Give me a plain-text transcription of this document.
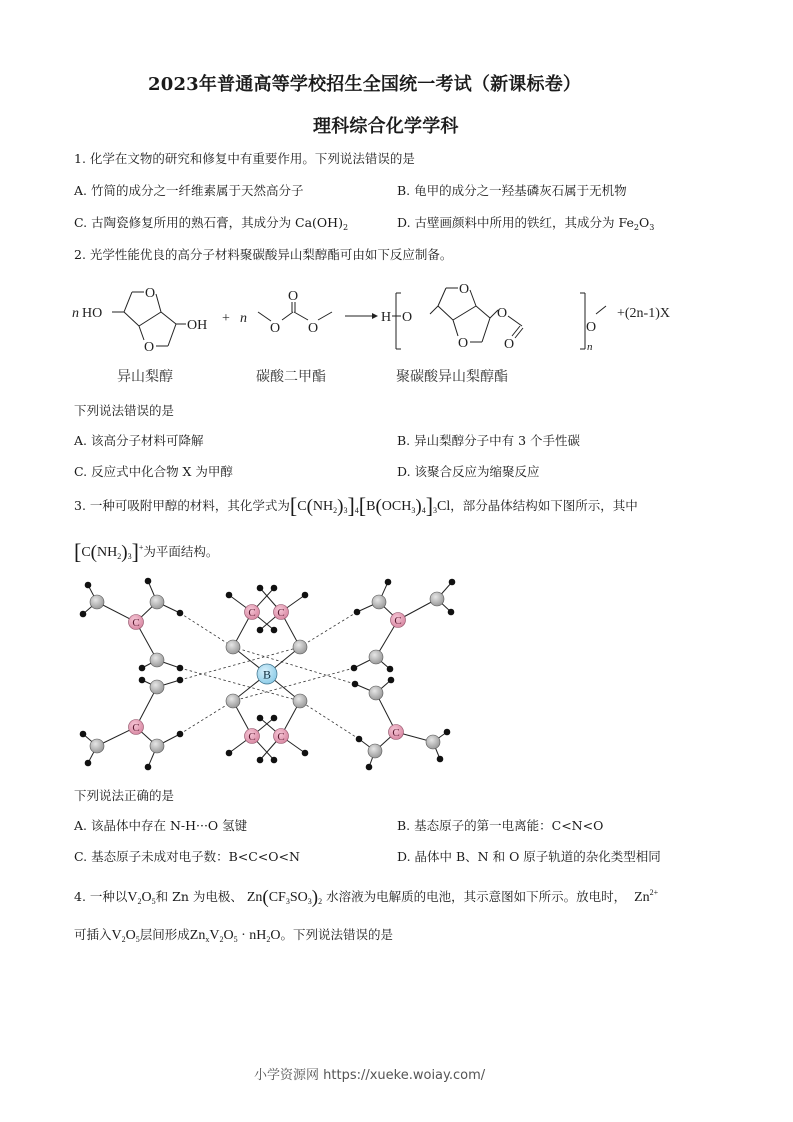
2023年普通高等学校招生全国统一考试（新课标卷）
理科综合化学学科
1. 化学在文物的研究和修复中有重要作用。下列说法错误的是
A. 竹简的成分之一纤维素属于天然高分子	B. 龟甲的成分之一羟基磷灰石属于无机物
C. 古陶瓷修复所用的熟石膏，其成分为 $Ca(OH)_2$	D. 古壁画颜料中所用的铁红，其成分为 $Fe_2O_3$
2. 光学性能优良的高分子材料聚碳酸异山梨醇酯可由如下反应制备。
n HO
O
O
OH + n
O
O
O
H O
O
O
O
O
O
n
+(2n-1)X
异山梨醇	碳酸二甲酯	聚碳酸异山梨醇酯
下列说法错误的是
A. 该高分子材料可降解	B. 异山梨醇分子中有 3 个手性碳
C. 反应式中化合物 X 为甲醇	D. 该聚合反应为缩聚反应
3. 一种可吸附甲醇的材料，其化学式为$[C(NH_2)_3]_4[B(OCH_3)_4]_3Cl$，部分晶体结构如下图所示，其中
$[C(NH_2)_3]^+$为平面结构。
C C
C C
C
C
C
C
B
下列说法正确的是
A. 该晶体中存在 N-H···O 氢键	B. 基态原子的第一电离能：C<N<O
C. 基态原子未成对电子数：B<C<O<N	D. 晶体中 B、N 和 O 原子轨道的杂化类型相同
4. 一种以$V_2O_5$和 Zn 为电极、 $Zn(CF_3SO_3)_2$ 水溶液为电解质的电池，其示意图如下所示。放电时， $Zn^{2+}$
可插入$V_2O_5$层间形成$Zn_xV_2O_5 \cdot nH_2O$。下列说法错误的是
小学资源网 https://xueke.woiay.com/
